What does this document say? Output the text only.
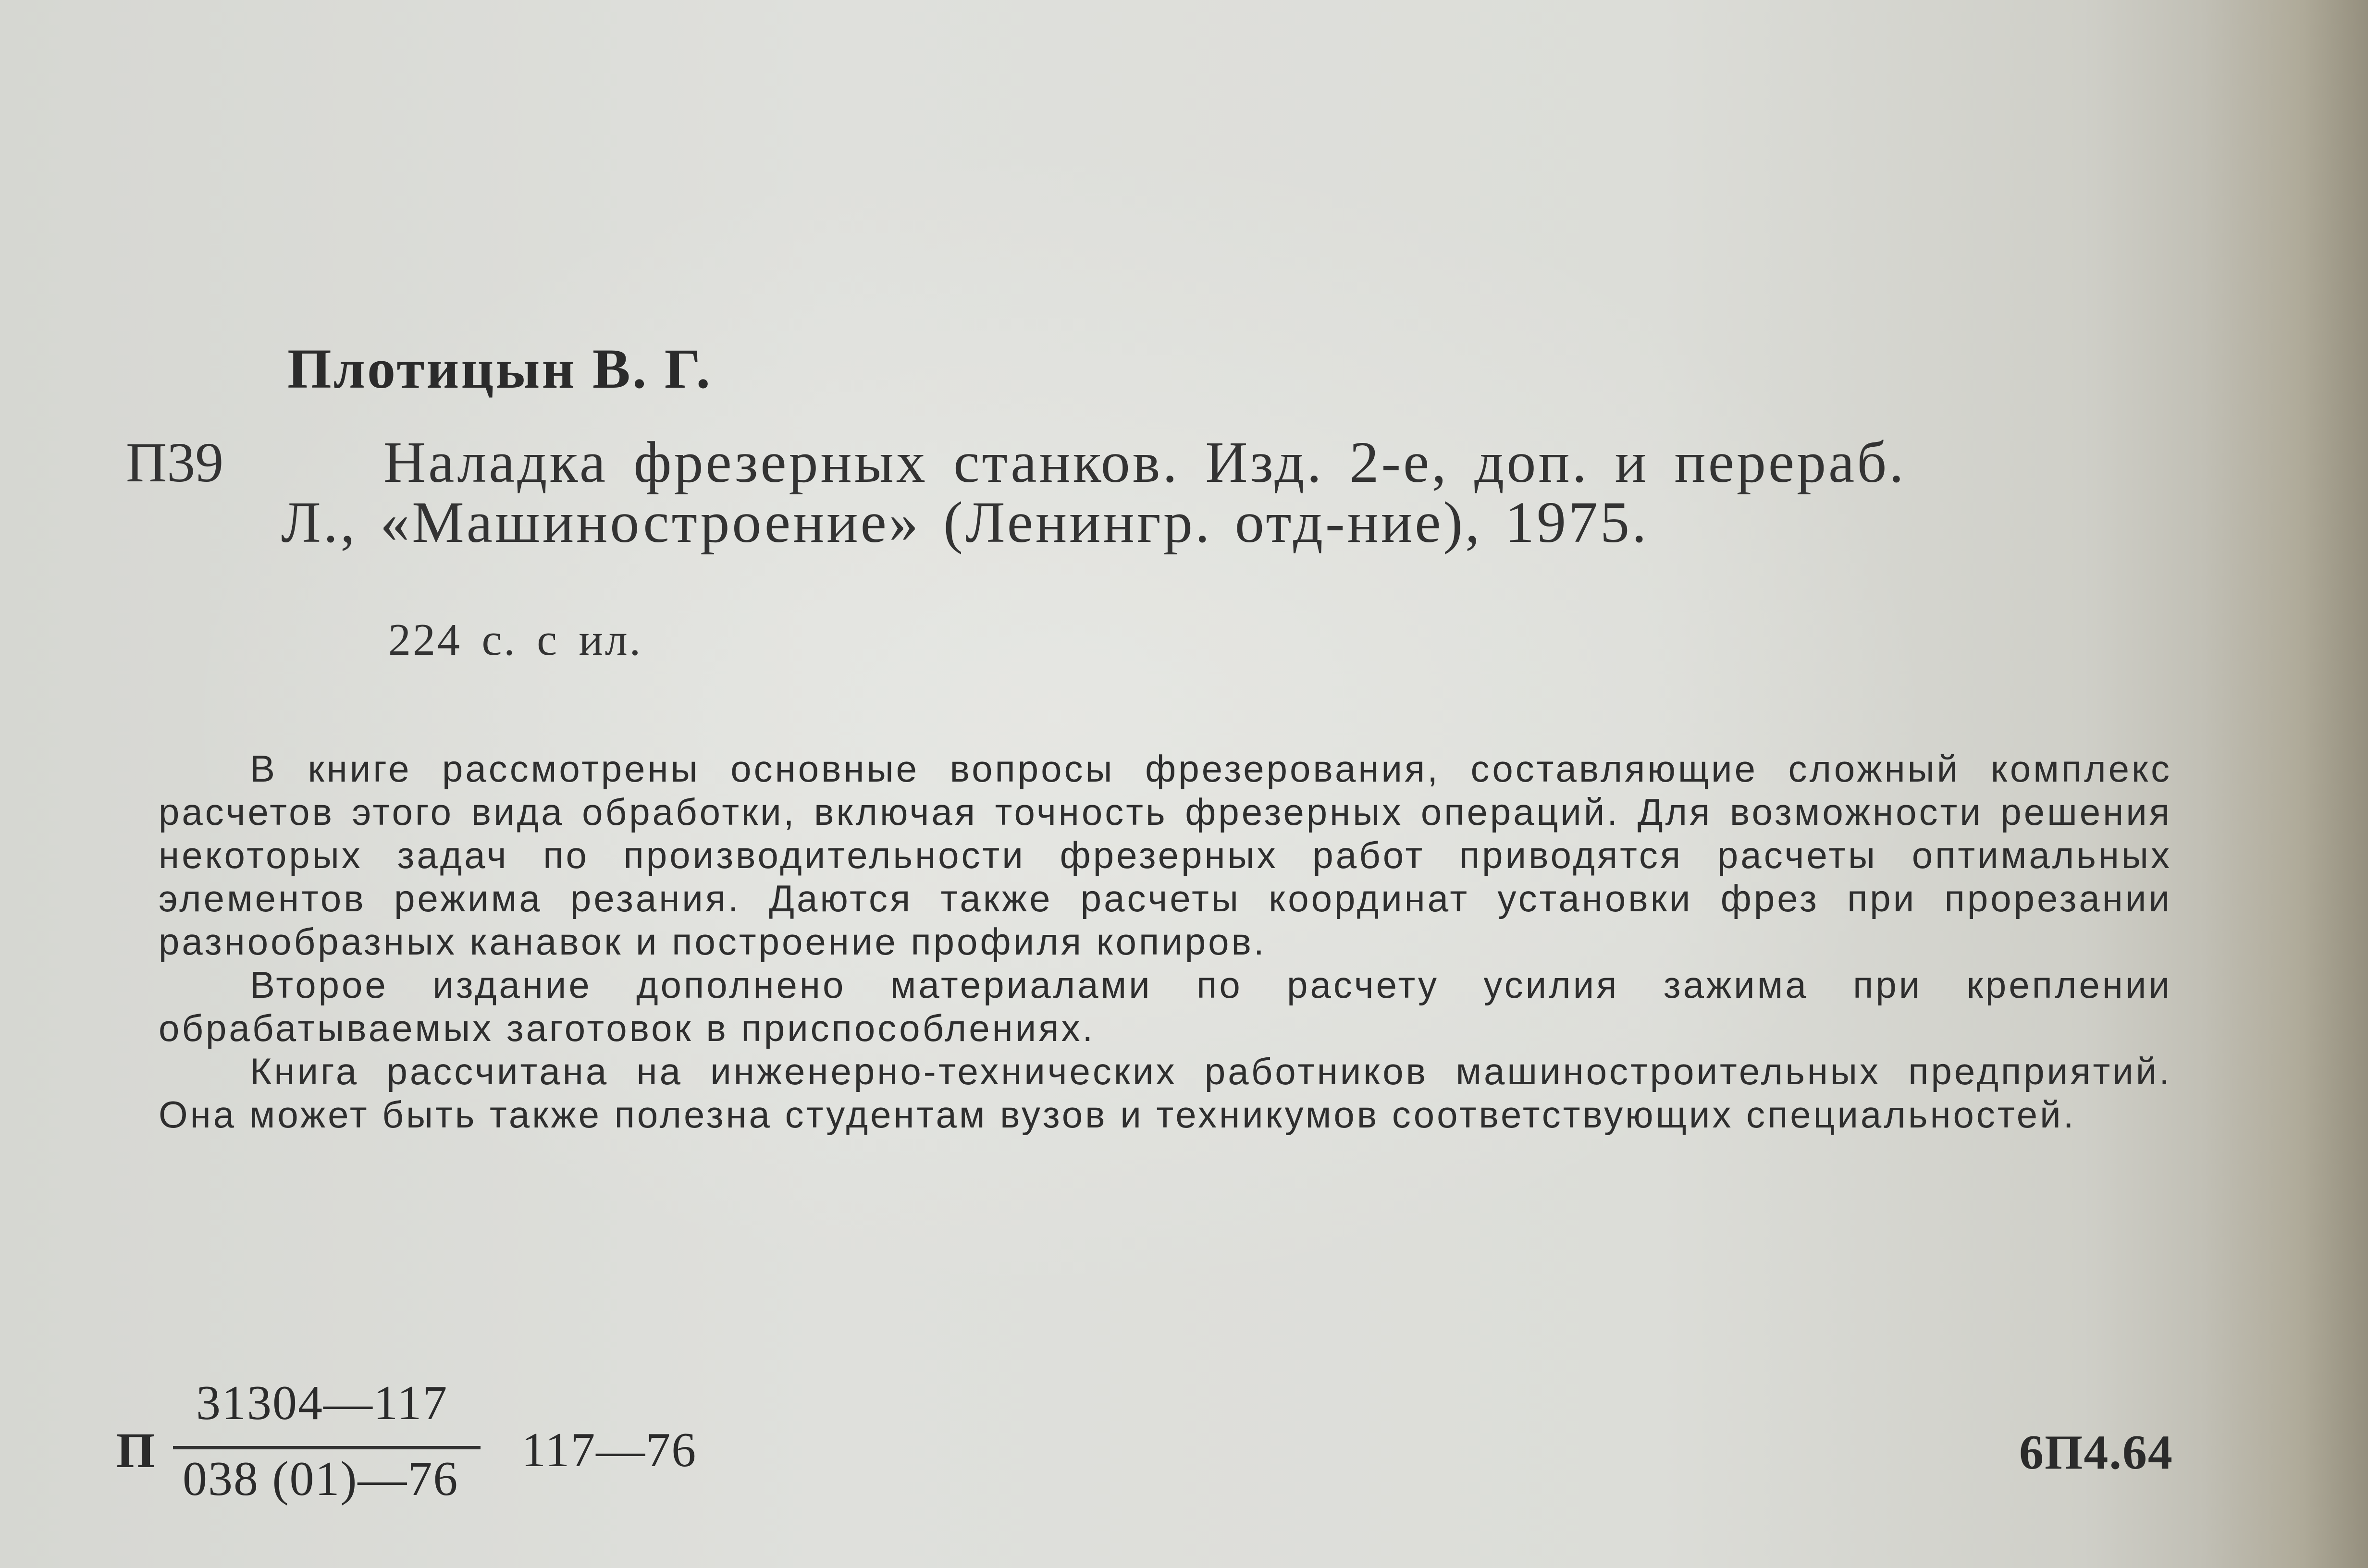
Плотицын В. Г.
П39	Наладка фрезерных станков. Изд. 2-е, доп. и перераб.
Л., «Машиностроение» (Ленингр. отд-ние), 1975.
224 с. с ил.

В книге рассмотрены основные вопросы фрезерования, составляющие сложный комплекс расчетов этого вида обработки, включая точность фрезерных операций. Для возможности решения некоторых задач по производительности фрезерных работ приводятся расчеты оптимальных элементов режима резания. Даются также расчеты координат установки фрез при прорезании разнообразных канавок и построение профиля копиров.

Второе издание дополнено материалами по расчету усилия зажима при креплении обрабатываемых заготовок в приспособлениях.

Книга рассчитана на инженерно-технических работников машиностроительных предприятий. Она может быть также полезна студентам вузов и техникумов соответствующих специальностей.

П
31304—117
038 (01)—76
117—76	6П4.64
